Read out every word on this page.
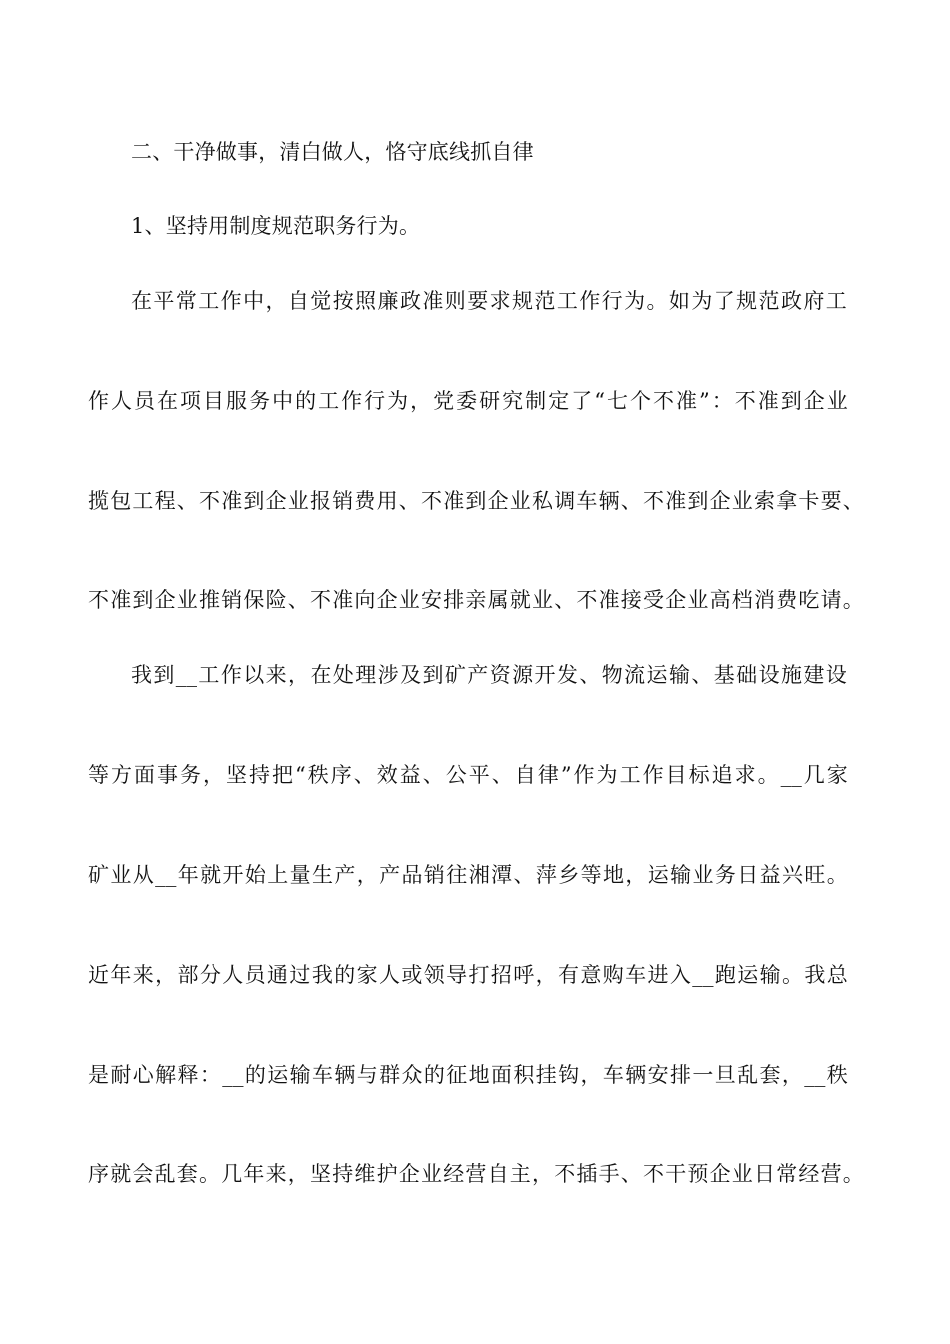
二、干净做事，清白做人，恪守底线抓自律
1、坚持用制度规范职务行为。
在平常工作中，自觉按照廉政准则要求规范工作行为。如为了规范政府工
作人员在项目服务中的工作行为，党委研究制定了“七个不准”：不准到企业
揽包工程、不准到企业报销费用、不准到企业私调车辆、不准到企业索拿卡要、
不准到企业推销保险、不准向企业安排亲属就业、不准接受企业高档消费吃请。
我到__工作以来，在处理涉及到矿产资源开发、物流运输、基础设施建设
等方面事务，坚持把“秩序、效益、公平、自律”作为工作目标追求。__几家
矿业从__年就开始上量生产，产品销往湘潭、萍乡等地，运输业务日益兴旺。
近年来，部分人员通过我的家人或领导打招呼，有意购车进入__跑运输。我总
是耐心解释：__的运输车辆与群众的征地面积挂钩，车辆安排一旦乱套，__秩
序就会乱套。几年来，坚持维护企业经营自主，不插手、不干预企业日常经营。
